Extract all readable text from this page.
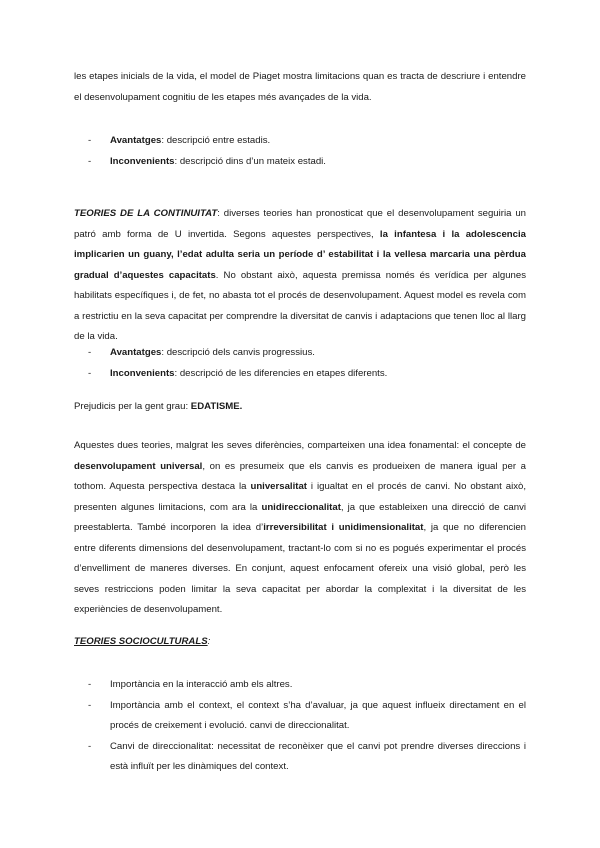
les etapes inicials de la vida, el model de Piaget mostra limitacions quan es tracta de descriure i entendre el desenvolupament cognitiu de les etapes més avançades de la vida.

- Avantatges: descripció entre estadis.
- Inconvenients: descripció dins d’un mateix estadi.

TEORIES DE LA CONTINUITAT: diverses teories han pronosticat que el desenvolupament seguiria un patró amb forma de U invertida. Segons aquestes perspectives, la infantesa i la adolescencia implicarien un guany, l’edat adulta seria un període d’ estabilitat i la vellesa marcaria una pèrdua gradual d’aquestes capacitats. No obstant això, aquesta premissa només és verídica per algunes habilitats específiques i, de fet, no abasta tot el procés de desenvolupament. Aquest model es revela com a restrictiu en la seva capacitat per comprendre la diversitat de canvis i adaptacions que tenen lloc al llarg de la vida.

- Avantatges: descripció dels canvis progressius.
- Inconvenients: descripció de les diferencies en etapes diferents.

Prejudicis per la gent grau: EDATISME.

Aquestes dues teories, malgrat les seves diferències, comparteixen una idea fonamental: el concepte de desenvolupament universal, on es presumeix que els canvis es produeixen de manera igual per a tothom. Aquesta perspectiva destaca la universalitat i igualtat en el procés de canvi. No obstant això, presenten algunes limitacions, com ara la unidireccionalitat, ja que estableixen una direcció de canvi preestablerta. També incorporen la idea d’irreversibilitat i unidimensionalitat, ja que no diferencien entre diferents dimensions del desenvolupament, tractant-lo com si no es pogués experimentar el procés d’envelliment de maneres diverses. En conjunt, aquest enfocament ofereix una visió global, però les seves restriccions poden limitar la seva capacitat per abordar la complexitat i la diversitat de les experiències de desenvolupament.

TEORIES SOCIOCULTURALS:

- Importància en la interacció amb els altres.
- Importància amb el context, el context s’ha d’avaluar, ja que aquest influeix directament en el procés de creixement i evolució. canvi de direccionalitat.
- Canvi de direccionalitat: necessitat de reconèixer que el canvi pot prendre diverses direccions i està influït per les dinàmiques del context.
